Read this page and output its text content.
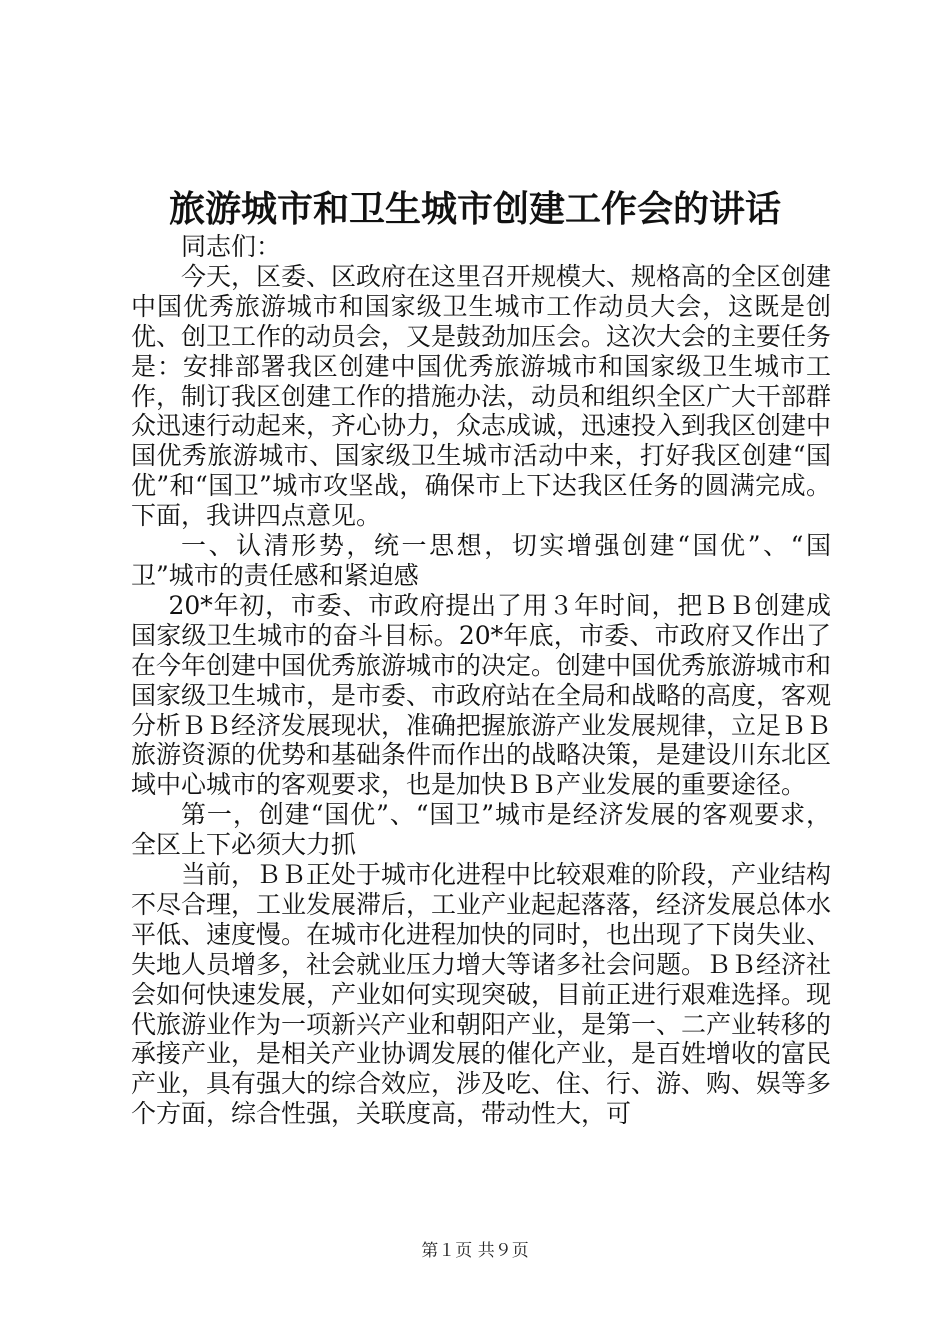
旅游城市和卫生城市创建工作会的讲话

同志们：

今天，区委、区政府在这里召开规模大、规格高的全区创建中国优秀旅游城市和国家级卫生城市工作动员大会，这既是创优、创卫工作的动员会，又是鼓劲加压会。这次大会的主要任务是：安排部署我区创建中国优秀旅游城市和国家级卫生城市工作，制订我区创建工作的措施办法，动员和组织全区广大干部群众迅速行动起来，齐心协力，众志成诚，迅速投入到我区创建中国优秀旅游城市、国家级卫生城市活动中来，打好我区创建“国优”和“国卫”城市攻坚战，确保市上下达我区任务的圆满完成。下面，我讲四点意见。

一、认清形势，统一思想，切实增强创建“国优”、“国卫”城市的责任感和紧迫感

20*年初，市委、市政府提出了用３年时间，把ＢＢ创建成国家级卫生城市的奋斗目标。20*年底，市委、市政府又作出了在今年创建中国优秀旅游城市的决定。创建中国优秀旅游城市和国家级卫生城市，是市委、市政府站在全局和战略的高度，客观分析ＢＢ经济发展现状，准确把握旅游产业发展规律，立足ＢＢ旅游资源的优势和基础条件而作出的战略决策，是建设川东北区域中心城市的客观要求，也是加快ＢＢ产业发展的重要途径。

第一，创建“国优”、“国卫”城市是经济发展的客观要求，全区上下必须大力抓

当前，ＢＢ正处于城市化进程中比较艰难的阶段，产业结构不尽合理，工业发展滞后，工业产业起起落落，经济发展总体水平低、速度慢。在城市化进程加快的同时，也出现了下岗失业、失地人员增多，社会就业压力增大等诸多社会问题。ＢＢ经济社会如何快速发展，产业如何实现突破，目前正进行艰难选择。现代旅游业作为一项新兴产业和朝阳产业，是第一、二产业转移的承接产业，是相关产业协调发展的催化产业，是百姓增收的富民产业，具有强大的综合效应，涉及吃、住、行、游、购、娱等多个方面，综合性强，关联度高，带动性大，可

第１页 共９页
